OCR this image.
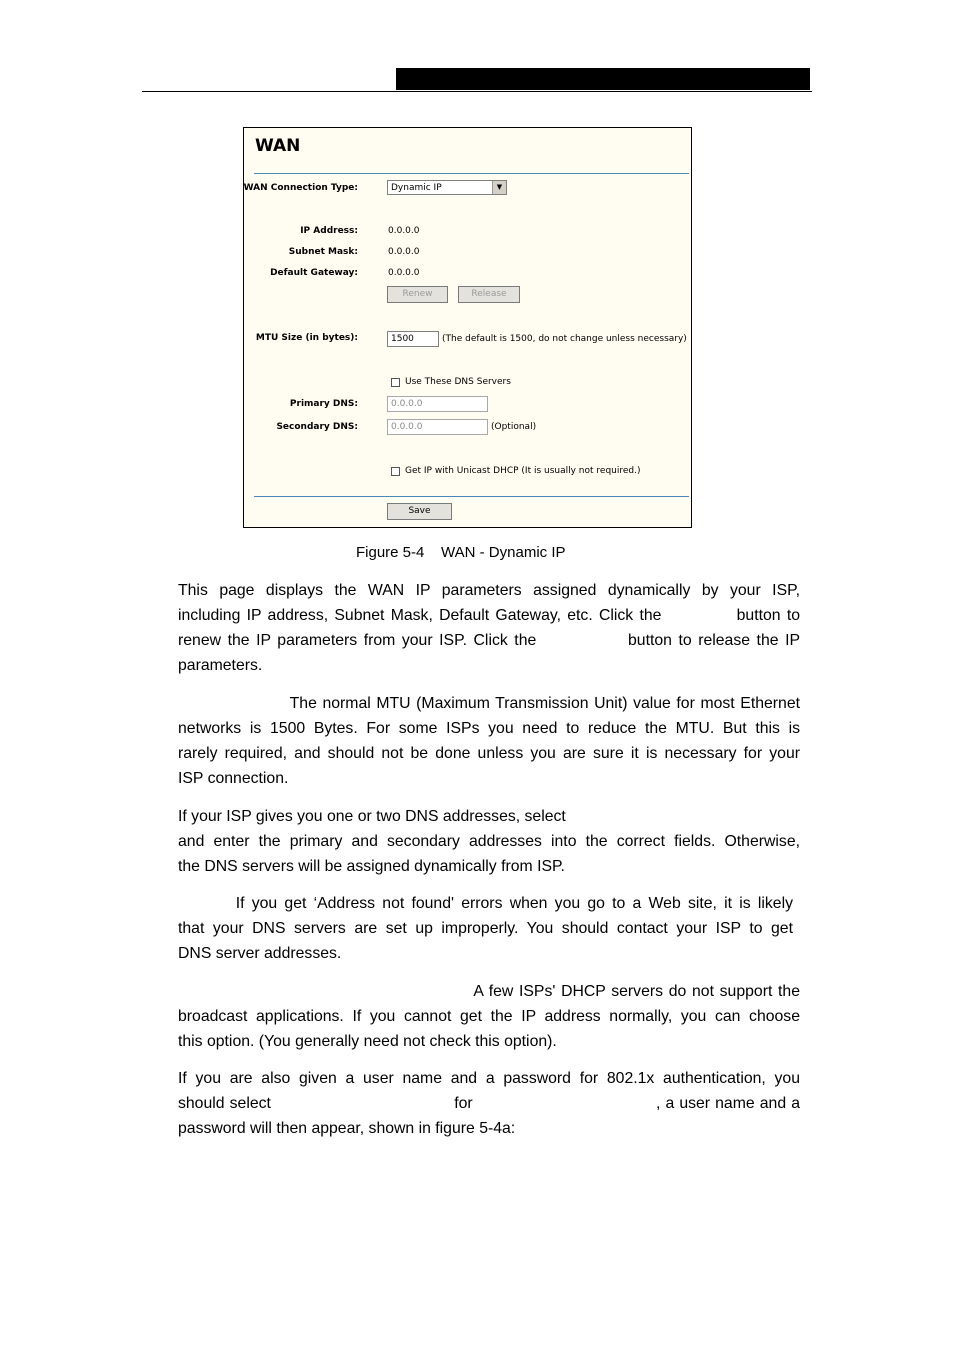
WAN
WAN Connection Type:	Dynamic IP	▼
IP Address:	0.0.0.0
Subnet Mask:	0.0.0.0
Default Gateway:	0.0.0.0
Renew	Release
MTU Size (in bytes):	1500	(The default is 1500, do not change unless necessary)
Use These DNS Servers
Primary DNS:	0.0.0.0
Secondary DNS:	0.0.0.0	(Optional)
Get IP with Unicast DHCP (It is usually not required.)
Save
Figure 5-4    WAN - Dynamic IP
This page displays the WAN IP parameters assigned dynamically by your ISP,
including IP address, Subnet Mask, Default Gateway, etc. Click the            button to
renew the IP parameters from your ISP. Click the              button to release the IP
parameters.
The normal MTU (Maximum Transmission Unit) value for most Ethernet
networks is 1500 Bytes. For some ISPs you need to reduce the MTU. But this is
rarely required, and should not be done unless you are sure it is necessary for your
ISP connection.
If your ISP gives you one or two DNS addresses, select
and enter the primary and secondary addresses into the correct fields. Otherwise,
the DNS servers will be assigned dynamically from ISP.
If you get ‘Address not found' errors when you go to a Web site, it is likely
that your DNS servers are set up improperly. You should contact your ISP to get
DNS server addresses.
A few ISPs' DHCP servers do not support the
broadcast applications. If you cannot get the IP address normally, you can choose
this option. (You generally need not check this option).
If you are also given a user name and a password for 802.1x authentication, you
should select                                    for                                    , a user name and a
password will then appear, shown in figure 5-4a:
